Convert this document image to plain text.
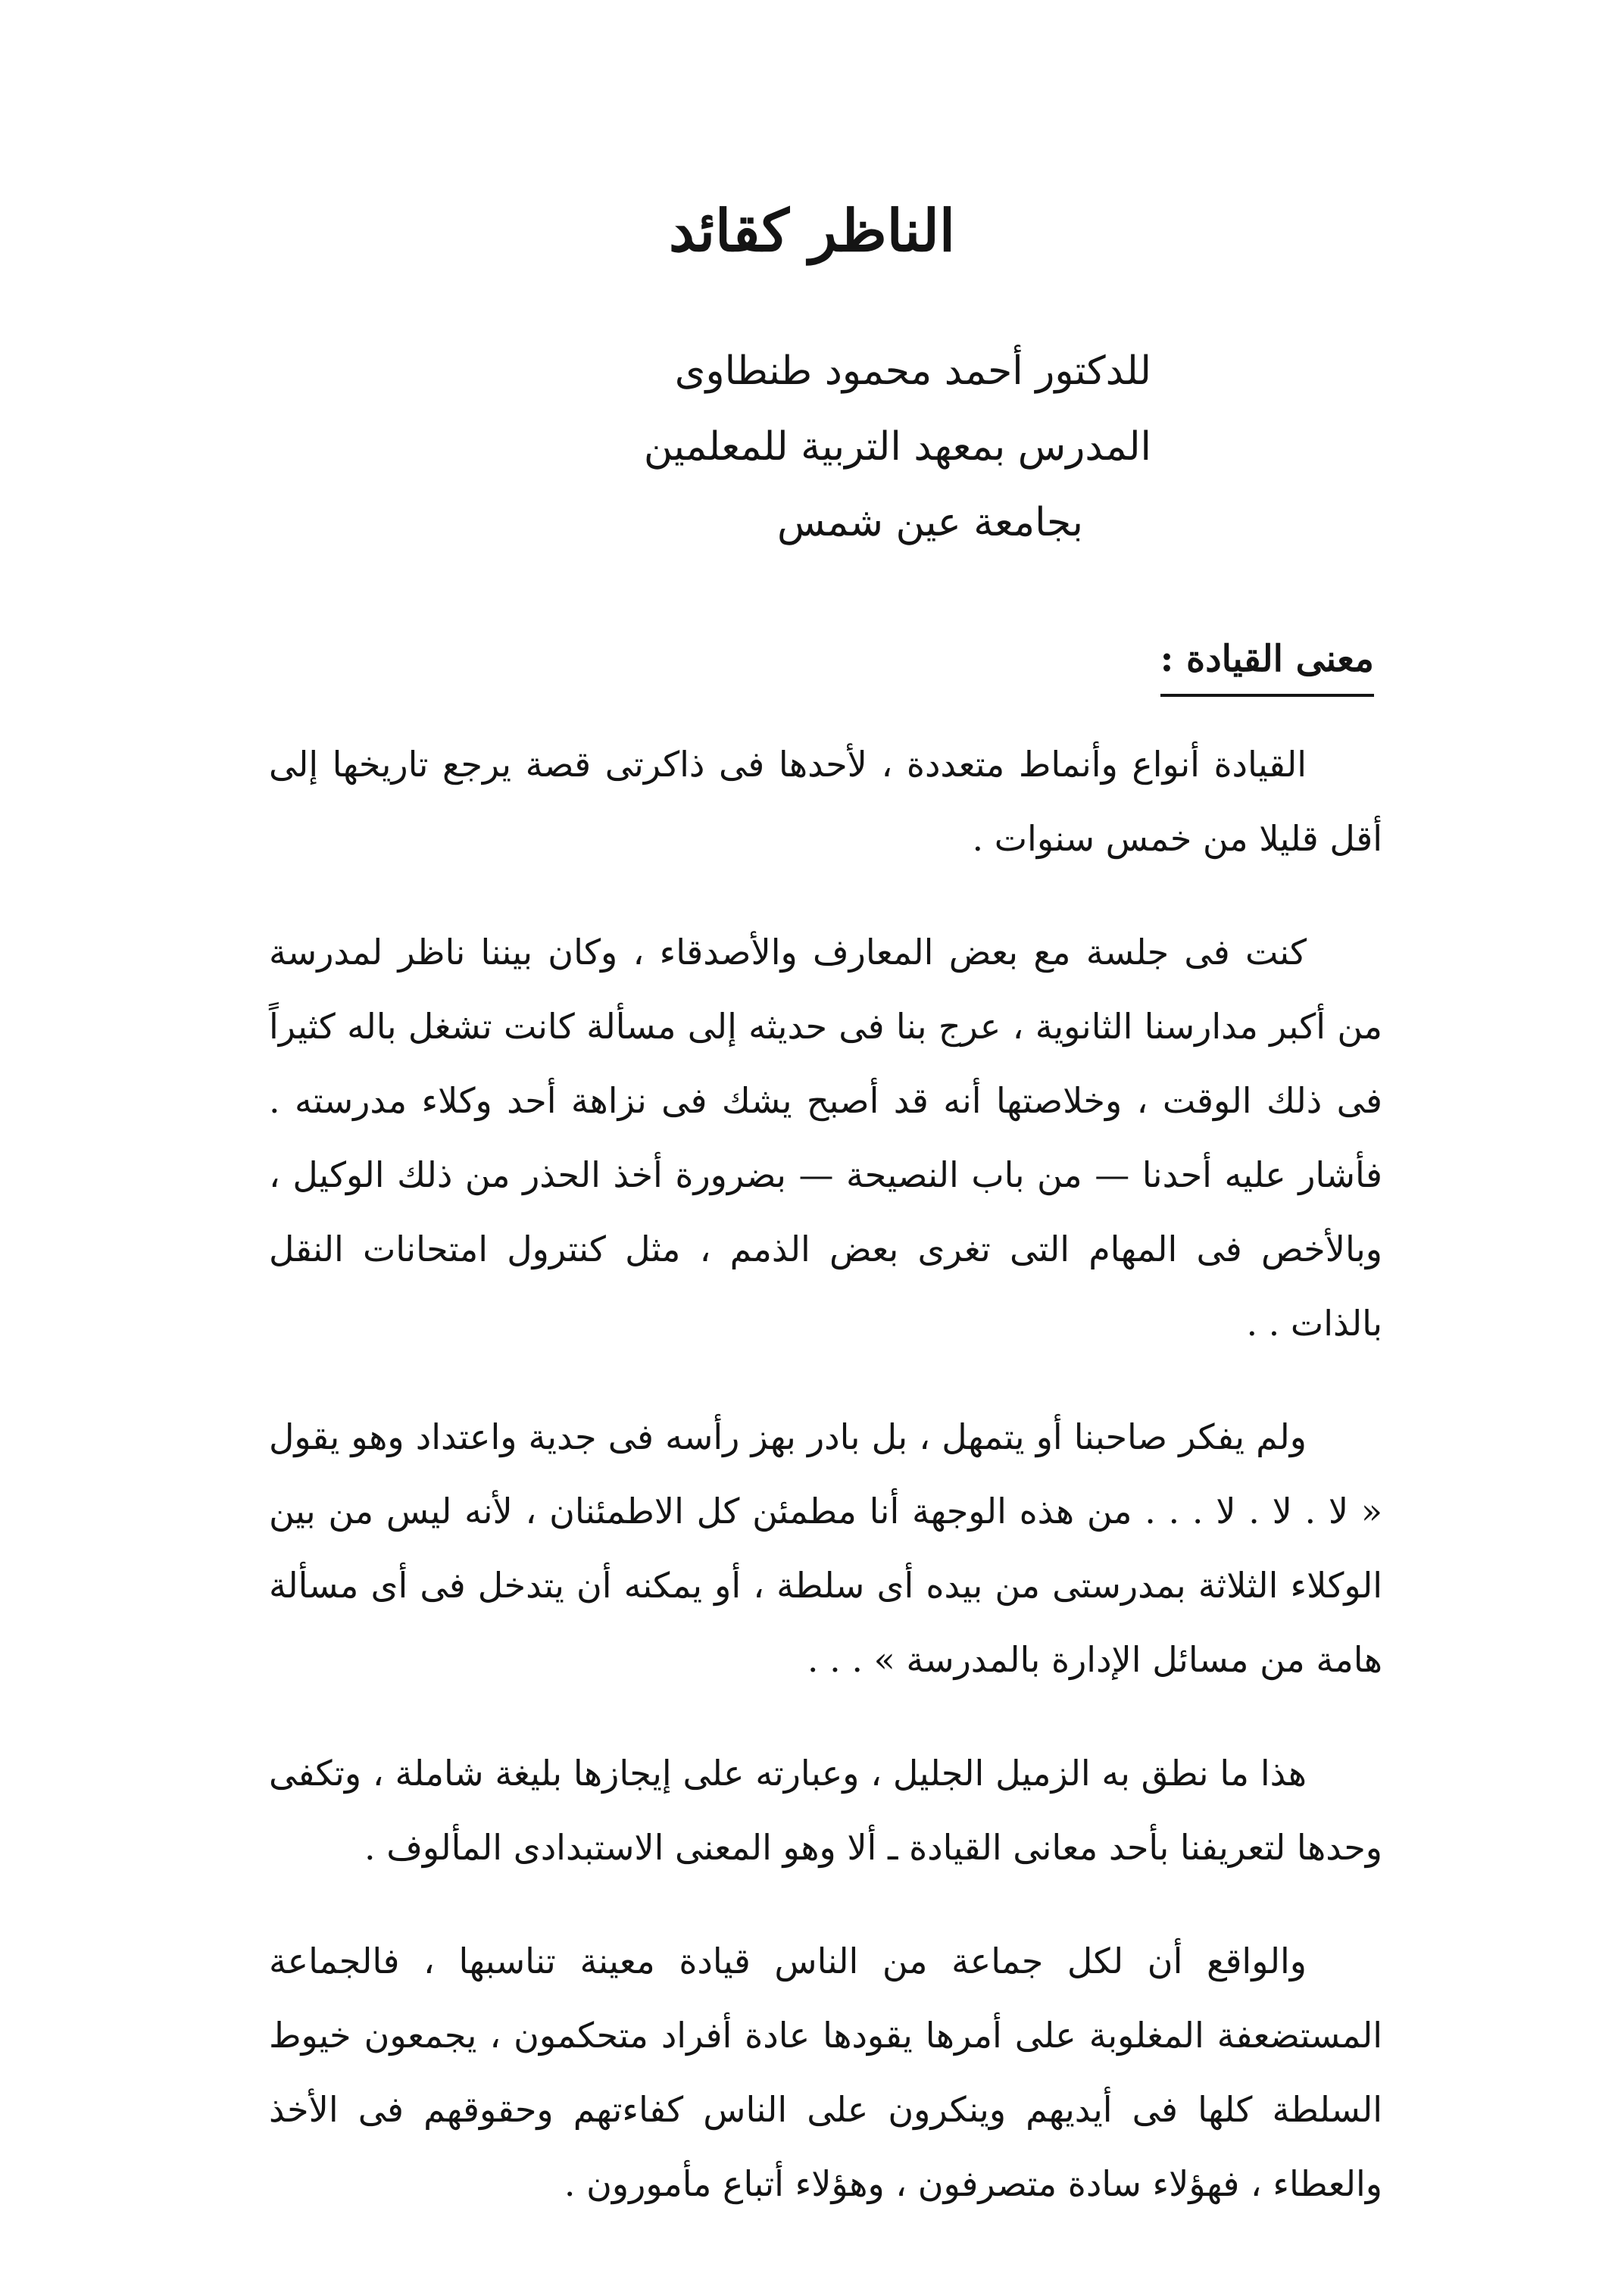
الناظر كقائد
للدكتور أحمد محمود طنطاوى
المدرس بمعهد التربية للمعلمين
بجامعة عين شمس
معنى القيادة :

القيادة أنواع وأنماط متعددة ، لأحدها فى ذاكرتى قصة يرجع تاريخها إلى أقل قليلا من خمس سنوات .

كنت فى جلسة مع بعض المعارف والأصدقاء ، وكان بيننا ناظر لمدرسة من أكبر مدارسنا الثانوية ، عرج بنا فى حديثه إلى مسألة كانت تشغل باله كثيراً فى ذلك الوقت ، وخلاصتها أنه قد أصبح يشك فى نزاهة أحد وكلاء مدرسته . فأشار عليه أحدنا — من باب النصيحة — بضرورة أخذ الحذر من ذلك الوكيل ، وبالأخص فى المهام التى تغرى بعض الذمم ، مثل كنترول امتحانات النقل بالذات . .

ولم يفكر صاحبنا أو يتمهل ، بل بادر بهز رأسه فى جدية واعتداد وهو يقول « لا . لا . لا . . . من هذه الوجهة أنا مطمئن كل الاطمئنان ، لأنه ليس من بين الوكلاء الثلاثة بمدرستى من بيده أى سلطة ، أو يمكنه أن يتدخل فى أى مسألة هامة من مسائل الإدارة بالمدرسة » . . .

هذا ما نطق به الزميل الجليل ، وعبارته على إيجازها بليغة شاملة ، وتكفى وحدها لتعريفنا بأحد معانى القيادة ـ ألا وهو المعنى الاستبدادى المألوف .

والواقع أن لكل جماعة من الناس قيادة معينة تناسبها ، فالجماعة المستضعفة المغلوبة على أمرها يقودها عادة أفراد متحكمون ، يجمعون خيوط السلطة كلها فى أيديهم وينكرون على الناس كفاءتهم وحقوقهم فى الأخذ والعطاء ، فهؤلاء سادة متصرفون ، وهؤلاء أتباع مأمورون .
